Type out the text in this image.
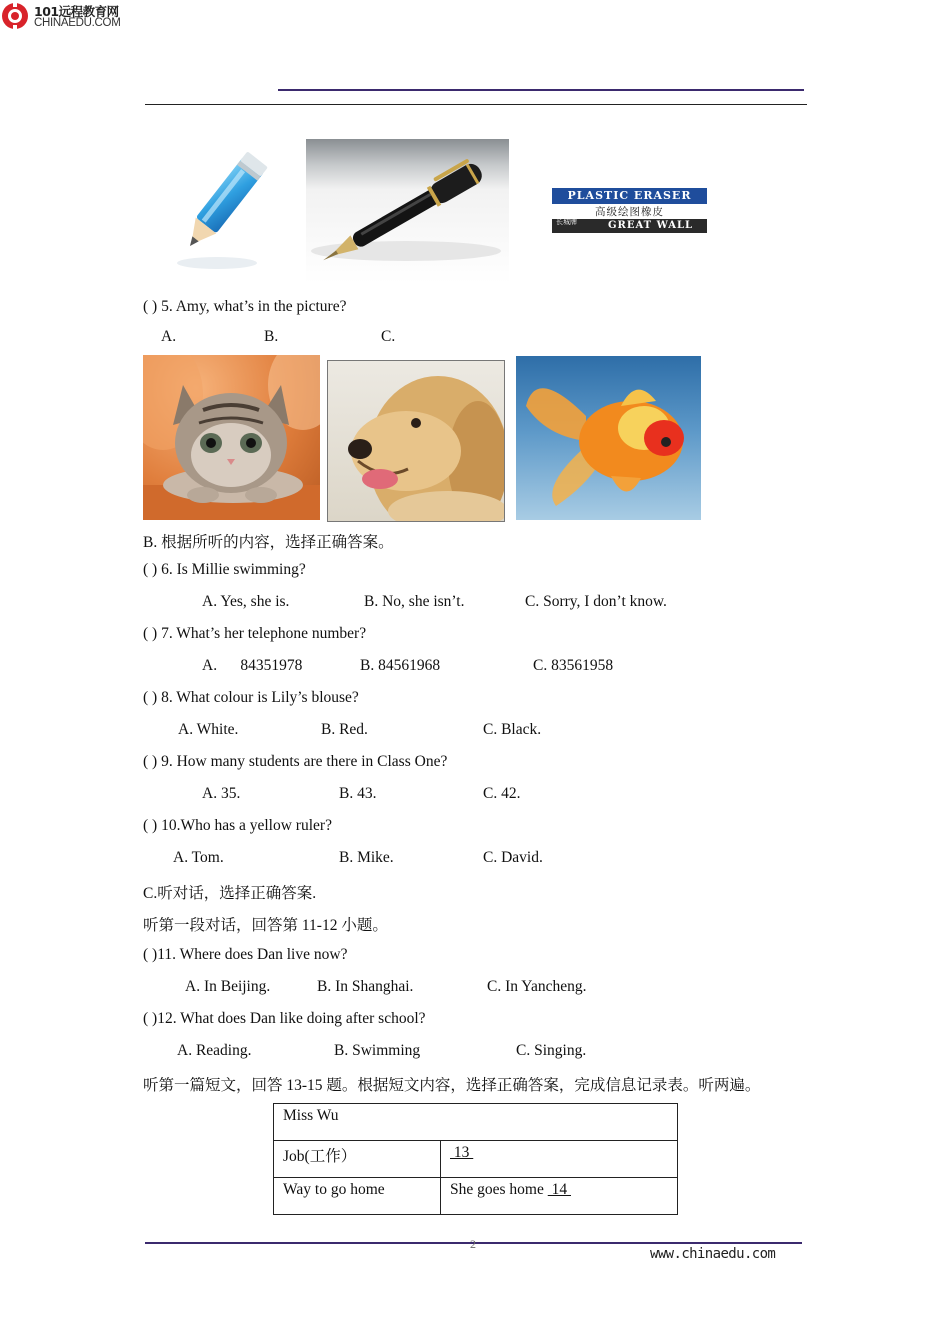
101远程教育网
CHINAEDU.COM
PLASTIC ERASER
高级绘图橡皮
长城牌	GREAT WALL
( ) 5. Amy, what’s in the picture?
A.	B.	C.
B. 根据所听的内容，选择正确答案。
( ) 6. Is Millie swimming?
A. Yes, she is.	B. No, she isn’t.	C. Sorry, I don’t know.
( ) 7. What’s her telephone number?
A.      84351978	B. 84561968	C. 83561958
( ) 8. What colour is Lily’s blouse?
A. White.	B. Red.	C. Black.
( ) 9. How many students are there in Class One?
A. 35.	B. 43.	C. 42.
( ) 10.Who has a yellow ruler?
A. Tom.	B. Mike.	C. David.
C.听对话，选择正确答案.
听第一段对话，回答第 11-12 小题。
( )11. Where does Dan live now?
A. In Beijing.	B. In Shanghai.	C. In Yancheng.
( )12. What does Dan like doing after school?
A. Reading.	B. Swimming	C. Singing.
听第一篇短文，回答 13-15 题。根据短文内容，选择正确答案，完成信息记录表。听两遍。
Miss Wu	
Job(工作）	13
Way to go home	She goes home  14
2
www.chinaedu.com
